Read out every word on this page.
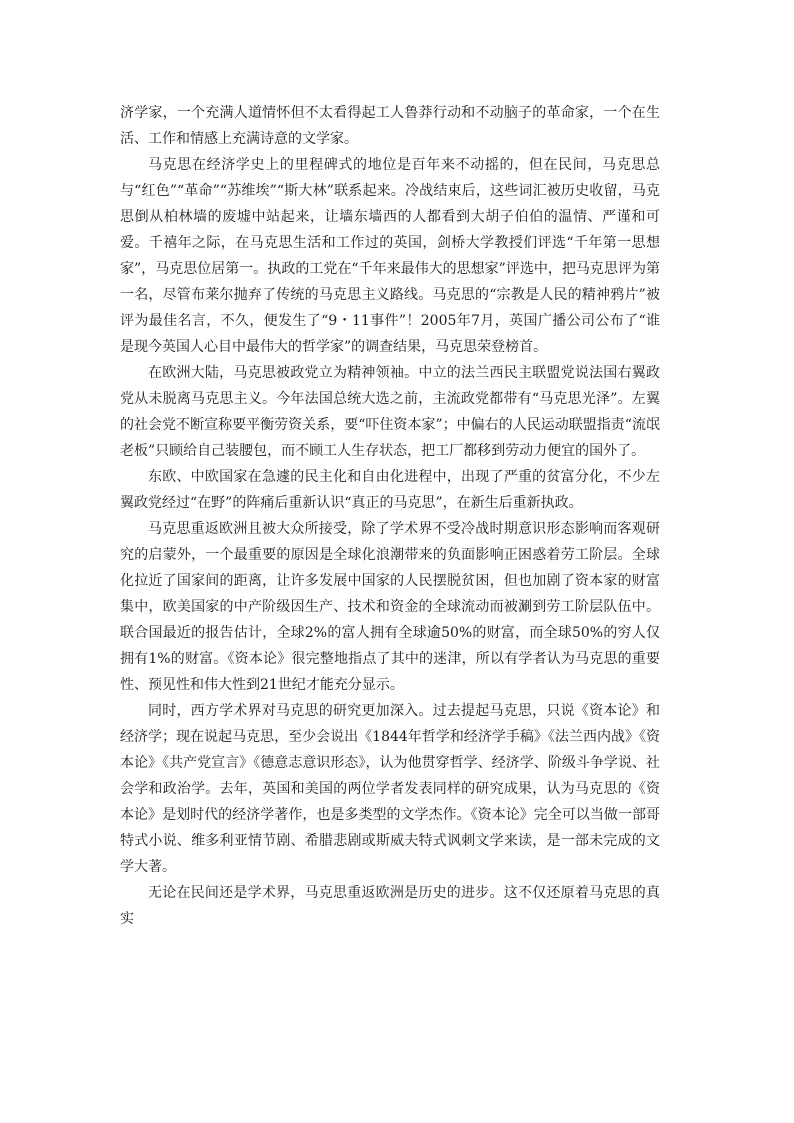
济学家，一个充满人道情怀但不太看得起工人鲁莽行动和不动脑子的革命家，一个在生活、工作和情感上充满诗意的文学家。

马克思在经济学史上的里程碑式的地位是百年来不动摇的，但在民间，马克思总与“红色”“革命”“苏维埃”“斯大林”联系起来。冷战结束后，这些词汇被历史收留，马克思倒从柏林墙的废墟中站起来，让墙东墙西的人都看到大胡子伯伯的温情、严谨和可爱。千禧年之际，在马克思生活和工作过的英国，剑桥大学教授们评选“千年第一思想家”，马克思位居第一。执政的工党在“千年来最伟大的思想家”评选中，把马克思评为第一名，尽管布莱尔抛弃了传统的马克思主义路线。马克思的“宗教是人民的精神鸦片”被评为最佳名言，不久，便发生了“9・11事件”！2005年7月，英国广播公司公布了“谁是现今英国人心目中最伟大的哲学家”的调查结果，马克思荣登榜首。

在欧洲大陆，马克思被政党立为精神领袖。中立的法兰西民主联盟党说法国右翼政党从未脱离马克思主义。今年法国总统大选之前，主流政党都带有“马克思光泽”。左翼的社会党不断宣称要平衡劳资关系，要“吓住资本家”；中偏右的人民运动联盟指责“流氓老板”只顾给自己装腰包，而不顾工人生存状态，把工厂都移到劳动力便宜的国外了。

东欧、中欧国家在急遽的民主化和自由化进程中，出现了严重的贫富分化，不少左翼政党经过“在野”的阵痛后重新认识“真正的马克思”，在新生后重新执政。

马克思重返欧洲且被大众所接受，除了学术界不受冷战时期意识形态影响而客观研究的启蒙外，一个最重要的原因是全球化浪潮带来的负面影响正困惑着劳工阶层。全球化拉近了国家间的距离，让许多发展中国家的人民摆脱贫困，但也加剧了资本家的财富集中，欧美国家的中产阶级因生产、技术和资金的全球流动而被涮到劳工阶层队伍中。联合国最近的报告估计，全球2%的富人拥有全球逾50%的财富，而全球50%的穷人仅拥有1%的财富。《资本论》很完整地指点了其中的迷津，所以有学者认为马克思的重要性、预见性和伟大性到21世纪才能充分显示。

同时，西方学术界对马克思的研究更加深入。过去提起马克思，只说《资本论》和经济学；现在说起马克思，至少会说出《1844年哲学和经济学手稿》《法兰西内战》《资本论》《共产党宣言》《德意志意识形态》，认为他贯穿哲学、经济学、阶级斗争学说、社会学和政治学。去年，英国和美国的两位学者发表同样的研究成果，认为马克思的《资本论》是划时代的经济学著作，也是多类型的文学杰作。《资本论》完全可以当做一部哥特式小说、维多利亚情节剧、希腊悲剧或斯威夫特式讽刺文学来读，是一部未完成的文学大著。

无论在民间还是学术界，马克思重返欧洲是历史的进步。这不仅还原着马克思的真实
